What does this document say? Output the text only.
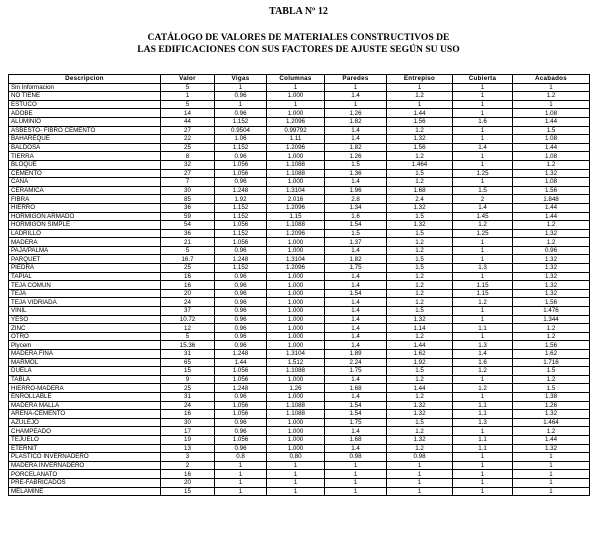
TABLA Nº 12
CATÁLOGO DE VALORES DE MATERIALES CONSTRUCTIVOS DE
LAS EDIFICACIONES CON SUS FACTORES DE AJUSTE SEGÚN SU USO
Descripcion	Valor	Vigas	Columnas	Paredes	Entrepiso	Cubierta	Acabados
Sin Informacion	5	1	1	1	1	1	1
NO TIENE	1	0.96	1.000	1.4	1.2	1	1.2
ESTUCO	5	1	1	1	1	1	1
ADOBE	14	0.96	1.000	1.26	1.44	1	1.08
ALUMINIO	44	1.152	1.2096	1.82	1.56	1.6	1.44
ASBESTO- FIBRO CEMENTO	27	0.9504	0.99792	1.4	1.2	1	1.5
BAHAREQUE	22	1.06	1.11	1.4	1.32	1	1.08
BALDOSA	25	1.152	1.2096	1.82	1.56	1.4	1.44
TIERRA	8	0.96	1.000	1.26	1.2	1	1.08
BLOQUE	32	1.056	1.1088	1.5	1.464	1	1.2
CEMENTO	27	1.056	1.1088	1.36	1.5	1.25	1.32
CAÑA	7	0.96	1.000	1.4	1.2	1	1.08
CERAMICA	30	1.248	1.3104	1.96	1.68	1.5	1.56
FIBRA	85	1.92	2.016	2.8	2.4	2	1.848
HIERRO	36	1.152	1.2096	1.34	1.32	1.4	1.44
HORMIGON ARMADO	59	1.152	1.15	1.6	1.5	1.45	1.44
HORMIGON SIMPLE	54	1.056	1.1088	1.54	1.32	1.2	1.2
LADRILLO	36	1.152	1.2096	1.5	1.5	1.25	1.32
MADERA	21	1.056	1.000	1.37	1.2	1	1.2
PAJA/PALMA	5	0.96	1.000	1.4	1.2	1	0.96
PARQUET	16.7	1.248	1.3104	1.82	1.5	1	1.32
PIEDRA	25	1.152	1.2096	1.75	1.5	1.3	1.32
TAPIAL	16	0.96	1.000	1.4	1.2	1	1.32
TEJA COMUN	16	0.96	1.000	1.4	1.2	1.15	1.32
TEJA	20	0.96	1.000	1.54	1.2	1.15	1.32
TEJA VIDRIADA	24	0.96	1.000	1.4	1.2	1.2	1.56
VINIL	37	0.96	1.000	1.4	1.5	1	1.476
YESO	10.72	0.96	1.000	1.4	1.32	1	1.344
ZINC	12	0.96	1.000	1.4	1.14	1.1	1.2
OTRO	5	0.96	1.000	1.4	1.2	1	1.2
Plycem	15.36	0.96	1.000	1.4	1.44	1.3	1.56
MADERA FINA	31	1.248	1.3104	1.89	1.62	1.4	1.62
MARMOL	65	1.44	1.512	2.24	1.92	1.6	1.716
DUELA	15	1.056	1.1088	1.75	1.5	1.2	1.5
TABLA	9	1.056	1.000	1.4	1.2	1	1.2
HIERRO-MADERA	25	1.248	1.26	1.68	1.44	1.2	1.5
ENROLLABLE	31	0.96	1.000	1.4	1.2	1	1.38
MADERA MALLA	24	1.056	1.1088	1.54	1.32	1.1	1.26
ARENA-CEMENTO	16	1.056	1.1088	1.54	1.32	1.1	1.32
AZULEJO	30	0.96	1.000	1.75	1.5	1.3	1.464
CHAMPEADO	17	0.96	1.000	1.4	1.2	1	1.2
TEJUELO	19	1.056	1.000	1.68	1.32	1.1	1.44
ETERNIT	13	0.96	1.000	1.4	1.2	1.1	1.32
PLASTICO INVERNADERO	3	0.8	0.80	0.98	0.98	1	1
MADERA INVERNADERO	2	1	1	1	1	1	1
PORCELANATO	16	1	1	1	1	1	1
PRE-FABRICADOS	20	1	1	1	1	1	1
MELAMINE	15	1	1	1	1	1	1
